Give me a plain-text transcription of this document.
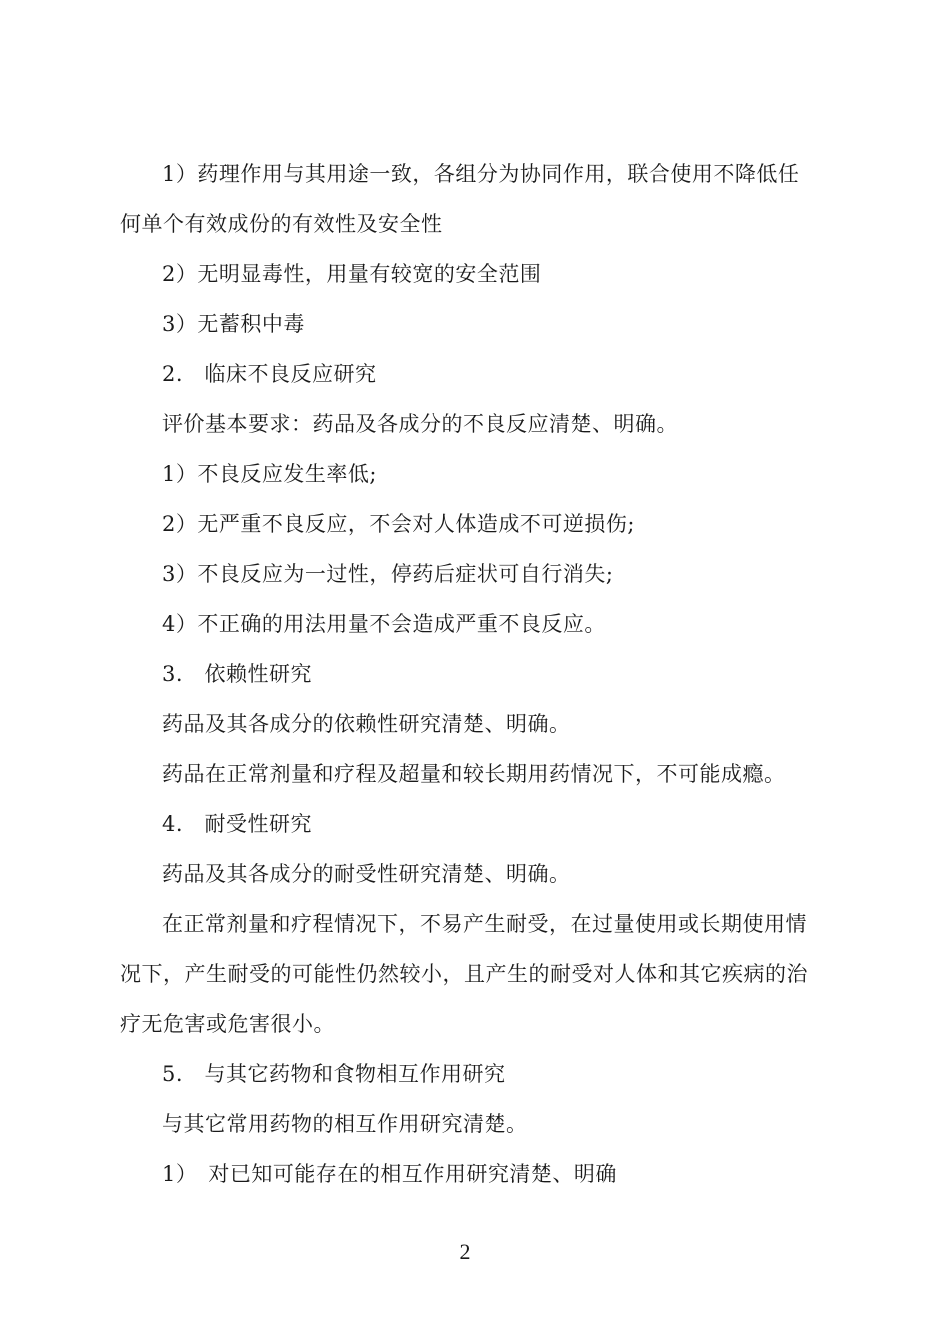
1）药理作用与其用途一致，各组分为协同作用，联合使用不降低任
何单个有效成份的有效性及安全性
2）无明显毒性，用量有较宽的安全范围
3）无蓄积中毒
2.　临床不良反应研究
评价基本要求：药品及各成分的不良反应清楚、明确。
1）不良反应发生率低;
2）无严重不良反应，不会对人体造成不可逆损伤;
3）不良反应为一过性，停药后症状可自行消失;
4）不正确的用法用量不会造成严重不良反应。
3.　依赖性研究
药品及其各成分的依赖性研究清楚、明确。
药品在正常剂量和疗程及超量和较长期用药情况下，不可能成瘾。
4.　耐受性研究
药品及其各成分的耐受性研究清楚、明确。
在正常剂量和疗程情况下，不易产生耐受，在过量使用或长期使用情
况下，产生耐受的可能性仍然较小，且产生的耐受对人体和其它疾病的治
疗无危害或危害很小。
5.　与其它药物和食物相互作用研究
与其它常用药物的相互作用研究清楚。
1）　对已知可能存在的相互作用研究清楚、明确
2
